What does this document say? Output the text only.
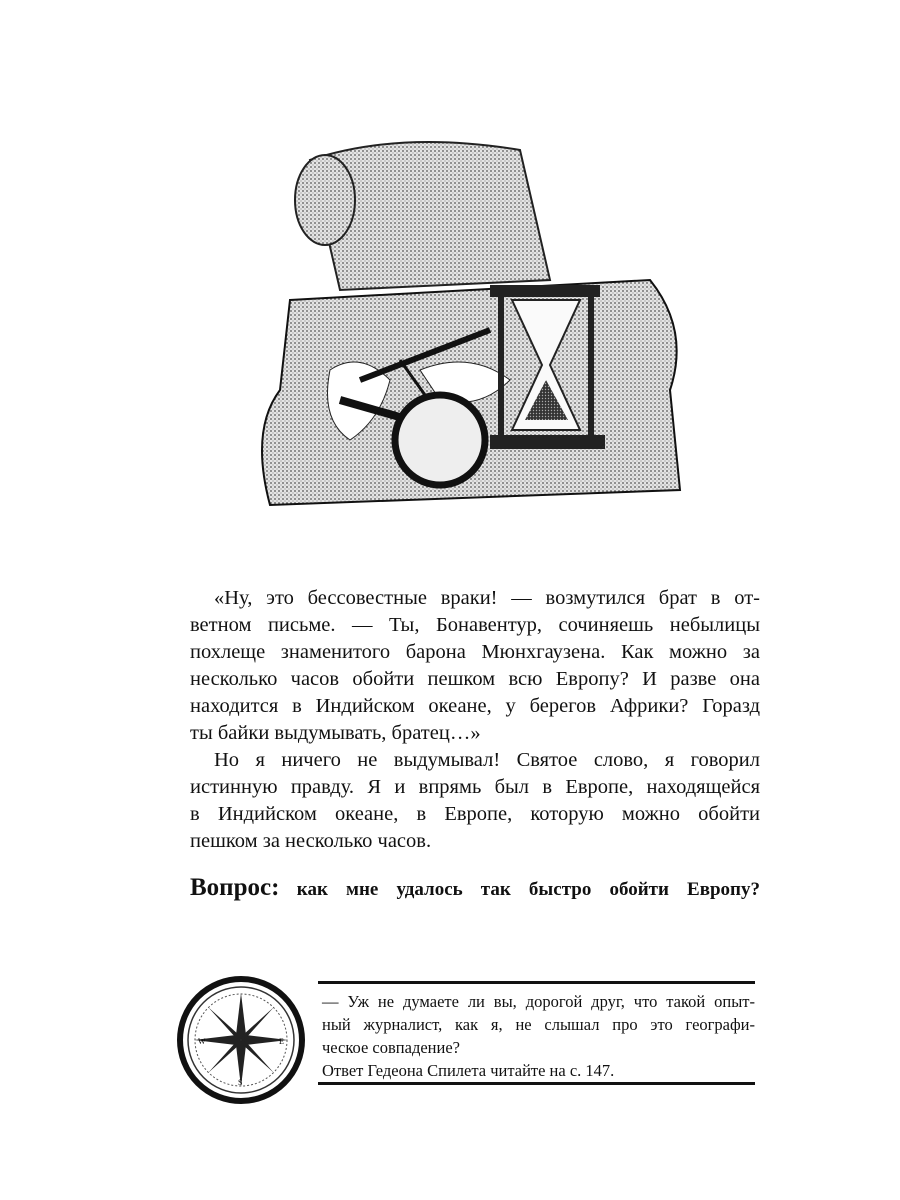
«Ну, это бессовестные враки! — возмутился брат в от-
ветном письме. — Ты, Бонавентур, сочиняешь небылицы
похлеще знаменитого барона Мюнхгаузена. Как можно за
несколько часов обойти пешком всю Европу? И разве она
находится в Индийском океане, у берегов Африки? Горазд
ты байки выдумывать, братец…»
Но я ничего не выдумывал! Святое слово, я говорил
истинную правду. Я и впрямь был в Европе, находящейся
в Индийском океане, в Европе, которую можно обойти
пешком за несколько часов.
Вопрос: как мне удалось так быстро обойти Европу?
W	E
S
— Уж не думаете ли вы, дорогой друг, что такой опыт-
ный журналист, как я, не слышал про это географи-
ческое совпадение?
Ответ Гедеона Спилета читайте на с. 147.
